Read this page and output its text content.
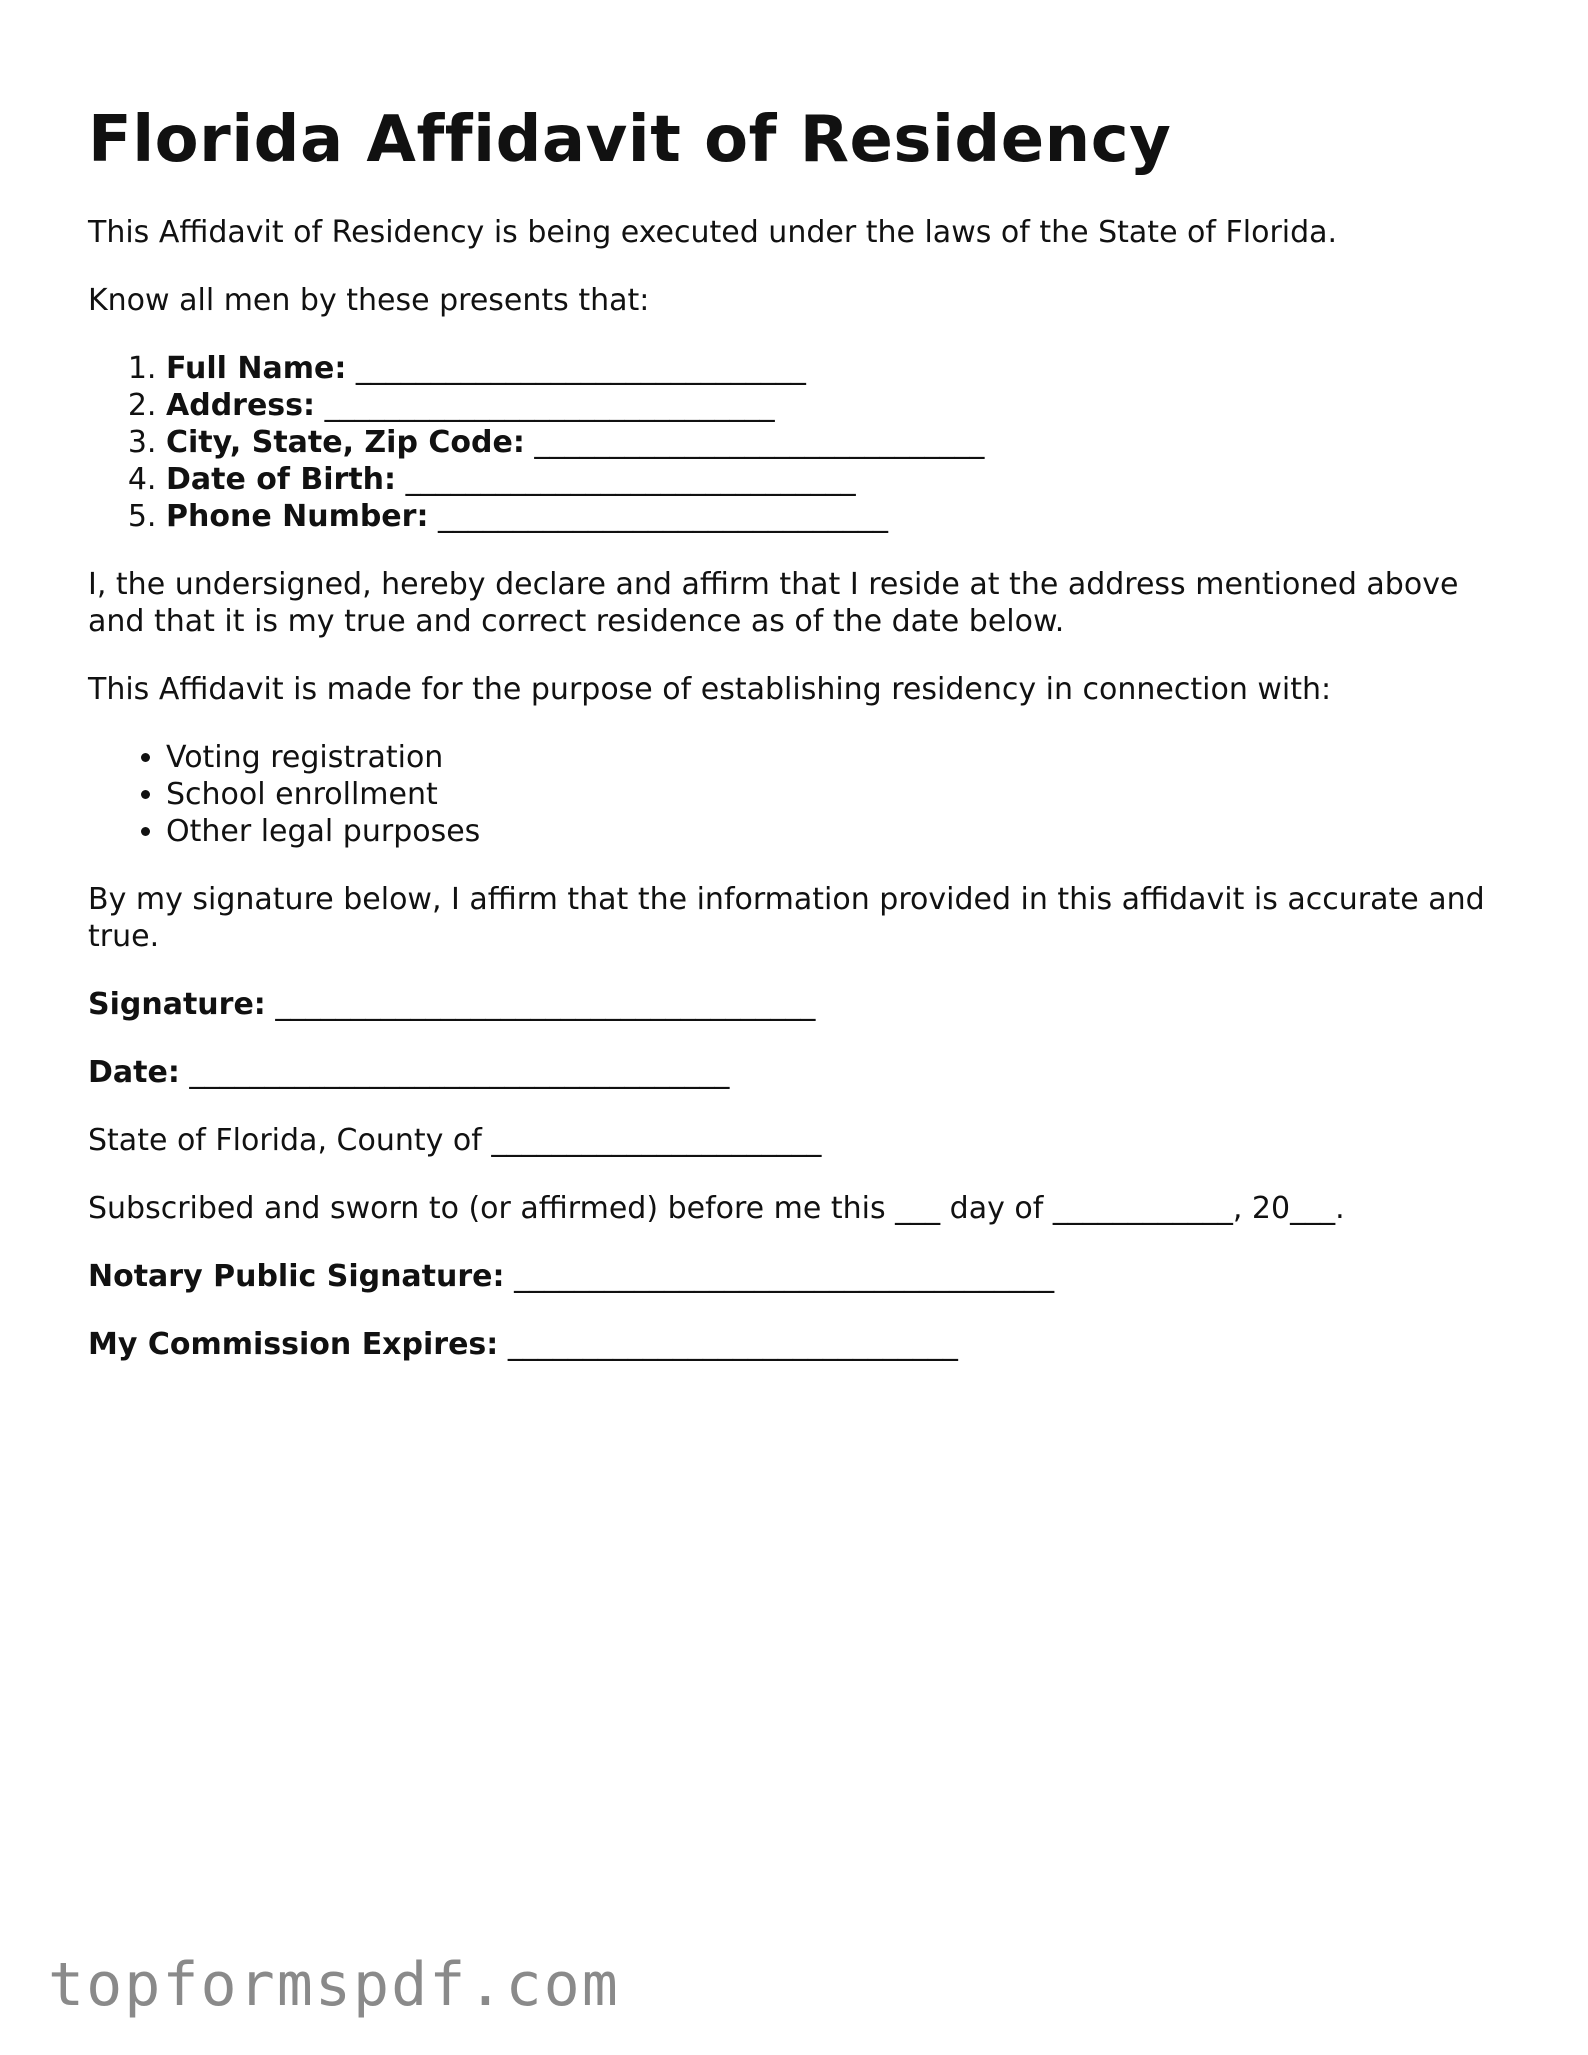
Florida Affidavit of Residency

This Affidavit of Residency is being executed under the laws of the State of Florida.

Know all men by these presents that:

1. Full Name: ______________________________
2. Address: ______________________________
3. City, State, Zip Code: ______________________________
4. Date of Birth: ______________________________
5. Phone Number: ______________________________

I, the undersigned, hereby declare and affirm that I reside at the address mentioned above and that it is my true and correct residence as of the date below.

This Affidavit is made for the purpose of establishing residency in connection with:

• Voting registration
• School enrollment
• Other legal purposes

By my signature below, I affirm that the information provided in this affidavit is accurate and true.

Signature: ____________________________________

Date: ____________________________________

State of Florida, County of ______________________

Subscribed and sworn to (or affirmed) before me this ___ day of ____________, 20___.

Notary Public Signature: ____________________________________

My Commission Expires: ______________________________

topformspdf.com
